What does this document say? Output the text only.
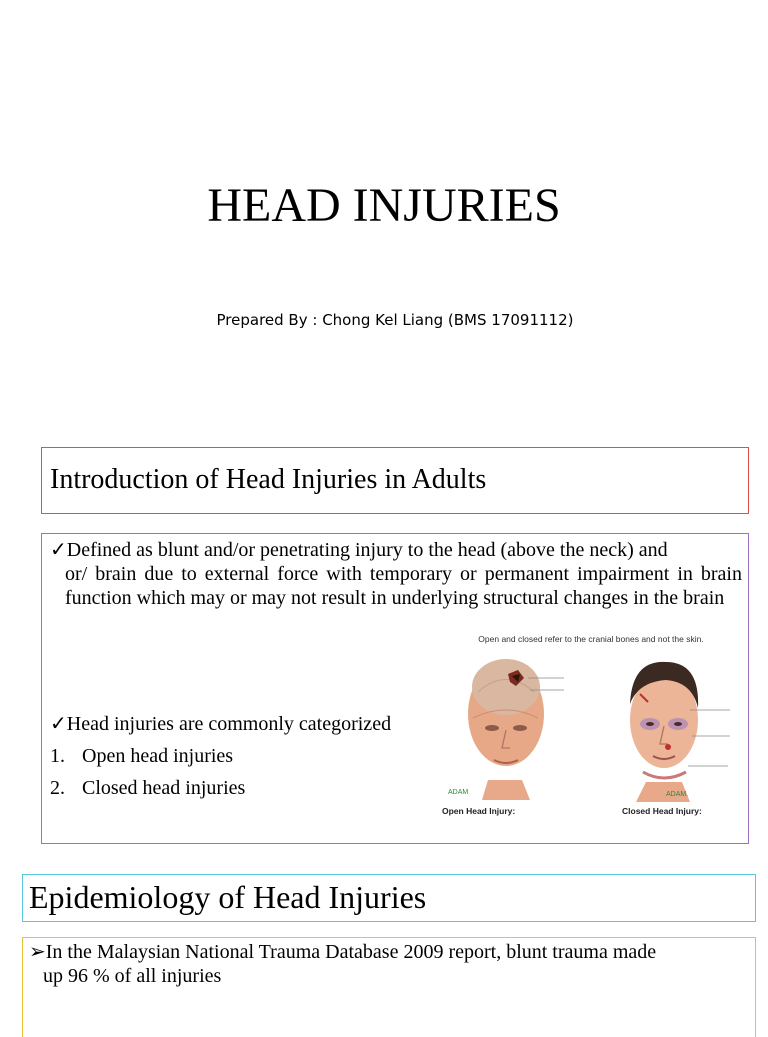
HEAD INJURIES
Prepared By : Chong Kel Liang (BMS 17091112)
Introduction of Head Injuries in Adults
✓Defined as blunt and/or penetrating injury to the head (above the neck) and
or/ brain due to external force with temporary or permanent impairment in brain function which may or may not result in underlying structural changes in the brain
✓Head injuries are commonly categorized
1. Open head injuries
2. Closed head injuries
Open and closed refer to the cranial bones and not the skin.
ADAM
Open Head Injury:
ADAM.
Closed Head Injury:
Epidemiology of Head Injuries
➢In the Malaysian National Trauma Database 2009 report, blunt trauma made
up 96 % of all injuries
